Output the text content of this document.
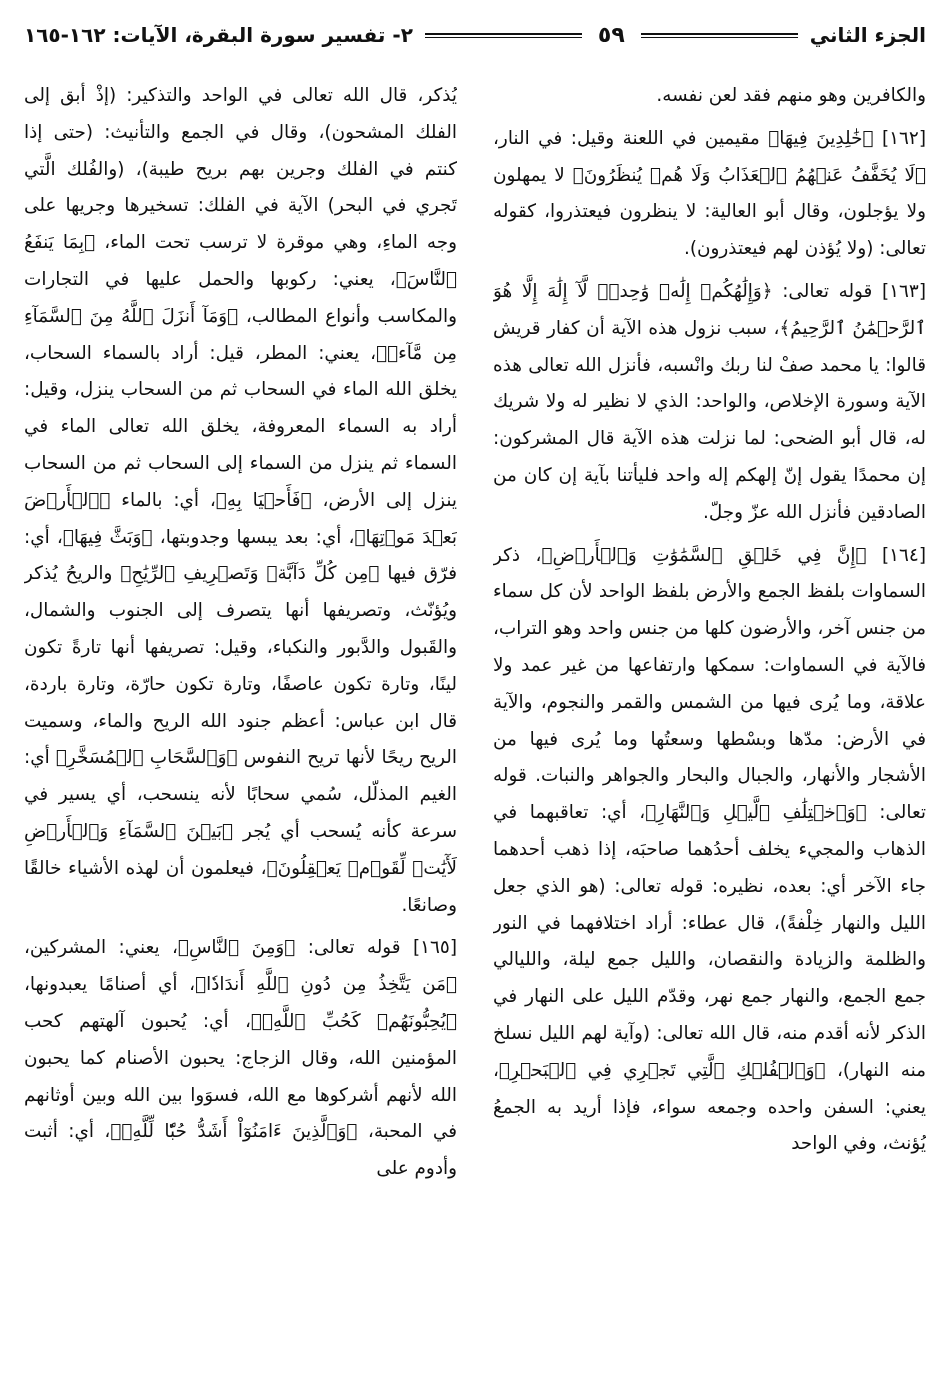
الجزء الثاني
٥٩
٢- تفسير سورة البقرة، الآيات: ١٦٢-١٦٥

والكافرين وهو منهم فقد لعن نفسه.

[١٦٢] ﴿خَٰلِدِينَ فِيهَا﴾ مقيمين في اللعنة وقيل: في النار، ﴿لَا يُخَفَّفُ عَنۡهُمُ ٱلۡعَذَابُ وَلَا هُمۡ يُنظَرُونَ﴾ لا يمهلون ولا يؤجلون، وقال أبو العالية: لا ينظرون فيعتذروا، كقوله تعالى: (ولا يُؤذن لهم فيعتذرون).

[١٦٣] قوله تعالى: ﴿وَإِلَٰهُكُمۡ إِلَٰهٞ وَٰحِدٞۖ لَّآ إِلَٰهَ إِلَّا هُوَ ٱلرَّحۡمَٰنُ ٱلرَّحِيمُ﴾، سبب نزول هذه الآية أن كفار قريش قالوا: يا محمد صفْ لنا ربك وانْسبه، فأنزل الله تعالى هذه الآية وسورة الإخلاص، والواحد: الذي لا نظير له ولا شريك له، قال أبو الضحى: لما نزلت هذه الآية قال المشركون: إن محمدًا يقول إنّ إلهكم إله واحد فليأتنا بآية إن كان من الصادقين فأنزل الله عزّ وجلّ.

[١٦٤] ﴿إِنَّ فِي خَلۡقِ ٱلسَّمَٰوَٰتِ وَٱلۡأَرۡضِ﴾، ذكر السماوات بلفظ الجمع والأرض بلفظ الواحد لأن كل سماء من جنس آخر، والأرضون كلها من جنس واحد وهو التراب، فالآية في السماوات: سمكها وارتفاعها من غير عمد ولا علاقة، وما يُرى فيها من الشمس والقمر والنجوم، والآية في الأرض: مدّها وبسْطها وسعتُها وما يُرى فيها من الأشجار والأنهار، والجبال والبحار والجواهر والنبات. قوله تعالى: ﴿وَٱخۡتِلَٰفِ ٱلَّيۡلِ وَٱلنَّهَارِ﴾، أي: تعاقبهما في الذهاب والمجيء يخلف أحدُهما صاحبَه، إذا ذهب أحدهما جاء الآخر أي: بعده، نظيره: قوله تعالى: (هو الذي جعل الليل والنهار خِلْفةً)، قال عطاء: أراد اختلافهما في النور والظلمة والزيادة والنقصان، والليل جمع ليلة، والليالي جمع الجمع، والنهار جمع نهر، وقدّم الليل على النهار في الذكر لأنه أقدم منه، قال الله تعالى: (وآية لهم الليل نسلخ منه النهار)، ﴿وَٱلۡفُلۡكِ ٱلَّتِي تَجۡرِي فِي ٱلۡبَحۡرِ﴾، يعني: السفن واحده وجمعه سواء، فإذا أريد به الجمعُ يُؤنث، وفي الواحد

يُذكر، قال الله تعالى في الواحد والتذكير: (إذْ أبق إلى الفلك المشحون)، وقال في الجمع والتأنيث: (حتى إذا كنتم في الفلك وجرين بهم بريح طيبة)، (والفُلك الَّتي تَجري في البحر) الآية في الفلك: تسخيرها وجريها على وجه الماءِ، وهي موقرة لا ترسب تحت الماء، ﴿بِمَا يَنفَعُ ٱلنَّاسَ﴾، يعني: ركوبها والحمل عليها في التجارات والمكاسب وأنواع المطالب، ﴿وَمَآ أَنزَلَ ٱللَّهُ مِنَ ٱلسَّمَآءِ مِن مَّآءٖ﴾، يعني: المطر، قيل: أراد بالسماء السحاب، يخلق الله الماء في السحاب ثم من السحاب ينزل، وقيل: أراد به السماء المعروفة، يخلق الله تعالى الماء في السماء ثم ينزل من السماء إلى السحاب ثم من السحاب ينزل إلى الأرض، ﴿فَأَحۡيَا بِهِ﴾، أي: بالماء ﴿ٱلۡأَرۡضَ بَعۡدَ مَوۡتِهَا﴾، أي: بعد يبسها وجدوبتها، ﴿وَبَثَّ فِيهَا﴾، أي: فرّق فيها ﴿مِن كُلِّ دَآبَّةٖ وَتَصۡرِيفِ ٱلرِّيَٰحِ﴾ والريحُ يُذكر ويُؤنّث، وتصريفها أنها يتصرف إلى الجنوب والشمال، والقَبول والدَّبور والنكباء، وقيل: تصريفها أنها تارةً تكون لينًا، وتارة تكون عاصفًا، وتارة تكون حارّة، وتارة باردة، قال ابن عباس: أعظم جنود الله الريح والماء، وسميت الريح ريحًا لأنها تريح النفوس ﴿وَٱلسَّحَابِ ٱلۡمُسَخَّرِ﴾ أي: الغيم المذلّل، سُمي سحابًا لأنه ينسحب، أي يسير في سرعة كأنه يُسحب أي يُجر ﴿بَيۡنَ ٱلسَّمَآءِ وَٱلۡأَرۡضِ لَأٓيَٰتٖ لِّقَوۡمٖ يَعۡقِلُونَ﴾، فيعلمون أن لهذه الأشياء خالقًا وصانعًا.

[١٦٥] قوله تعالى: ﴿وَمِنَ ٱلنَّاسِ﴾، يعني: المشركين، ﴿مَن يَتَّخِذُ مِن دُونِ ٱللَّهِ أَندَادٗا﴾، أي أصنامًا يعبدونها، ﴿يُحِبُّونَهُمۡ كَحُبِّ ٱللَّهِۖ﴾، أي: يُحبون آلهتهم كحب المؤمنين الله، وقال الزجاج: يحبون الأصنام كما يحبون الله لأنهم أشركوها مع الله، فسوَوا بين الله وبين أوثانهم في المحبة، ﴿وَٱلَّذِينَ ءَامَنُوٓاْ أَشَدُّ حُبّٗا لِّلَّهِۗ﴾، أي: أثبت وأدوم على
